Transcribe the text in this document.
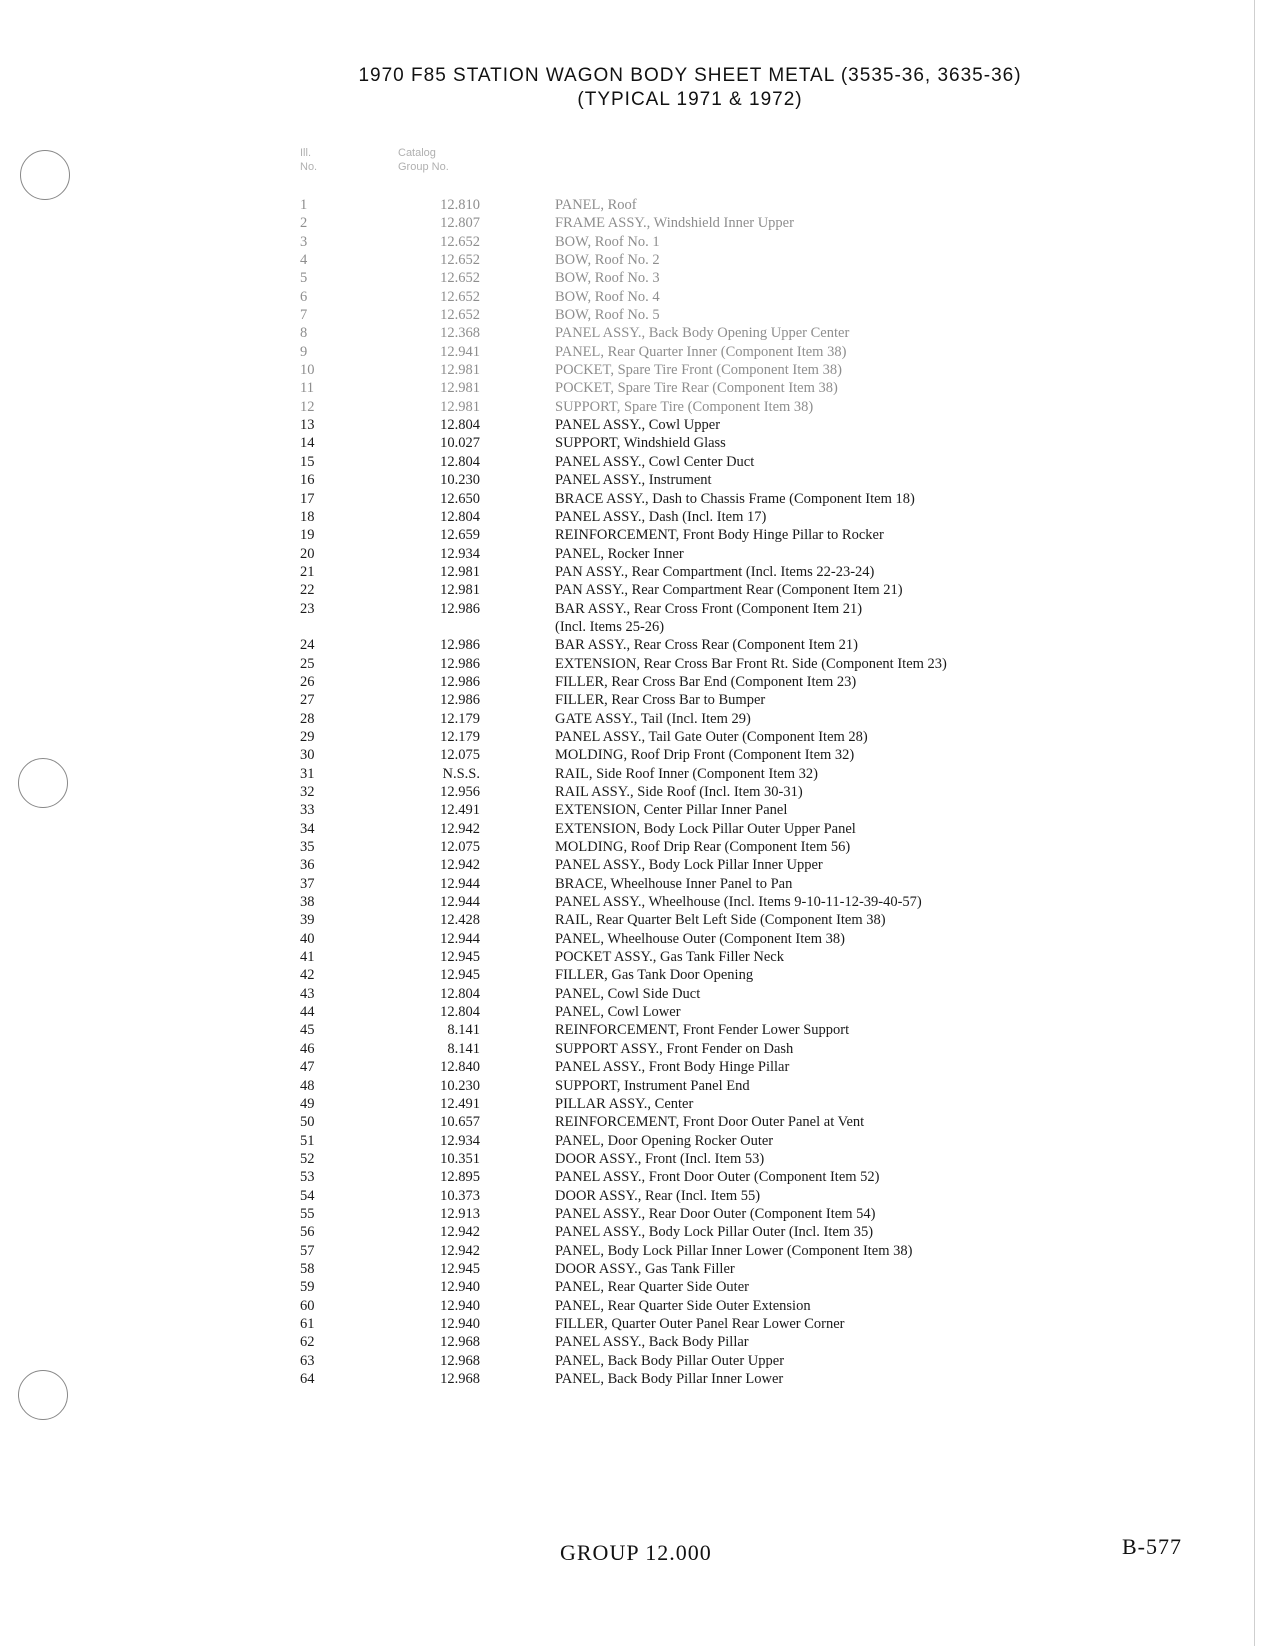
1970 F85 STATION WAGON BODY SHEET METAL (3535-36, 3635-36)
(TYPICAL 1971 & 1972)
Ill.
No.
Catalog
Group No.
1	12.810	PANEL, Roof
2	12.807	FRAME ASSY., Windshield Inner Upper
3	12.652	BOW, Roof No. 1
4	12.652	BOW, Roof No. 2
5	12.652	BOW, Roof No. 3
6	12.652	BOW, Roof No. 4
7	12.652	BOW, Roof No. 5
8	12.368	PANEL ASSY., Back Body Opening Upper Center
9	12.941	PANEL, Rear Quarter Inner (Component Item 38)
10	12.981	POCKET, Spare Tire Front (Component Item 38)
11	12.981	POCKET, Spare Tire Rear (Component Item 38)
12	12.981	SUPPORT, Spare Tire (Component Item 38)
13	12.804	PANEL ASSY., Cowl Upper
14	10.027	SUPPORT, Windshield Glass
15	12.804	PANEL ASSY., Cowl Center Duct
16	10.230	PANEL ASSY., Instrument
17	12.650	BRACE ASSY., Dash to Chassis Frame (Component Item 18)
18	12.804	PANEL ASSY., Dash (Incl. Item 17)
19	12.659	REINFORCEMENT, Front Body Hinge Pillar to Rocker
20	12.934	PANEL, Rocker Inner
21	12.981	PAN ASSY., Rear Compartment (Incl. Items 22-23-24)
22	12.981	PAN ASSY., Rear Compartment Rear (Component Item 21)
23	12.986	BAR ASSY., Rear Cross Front (Component Item 21)
(Incl. Items 25-26)
24	12.986	BAR ASSY., Rear Cross Rear (Component Item 21)
25	12.986	EXTENSION, Rear Cross Bar Front Rt. Side (Component Item 23)
26	12.986	FILLER, Rear Cross Bar End (Component Item 23)
27	12.986	FILLER, Rear Cross Bar to Bumper
28	12.179	GATE ASSY., Tail (Incl. Item 29)
29	12.179	PANEL ASSY., Tail Gate Outer (Component Item 28)
30	12.075	MOLDING, Roof Drip Front (Component Item 32)
31	N.S.S.	RAIL, Side Roof Inner (Component Item 32)
32	12.956	RAIL ASSY., Side Roof (Incl. Item 30-31)
33	12.491	EXTENSION, Center Pillar Inner Panel
34	12.942	EXTENSION, Body Lock Pillar Outer Upper Panel
35	12.075	MOLDING, Roof Drip Rear (Component Item 56)
36	12.942	PANEL ASSY., Body Lock Pillar Inner Upper
37	12.944	BRACE, Wheelhouse Inner Panel to Pan
38	12.944	PANEL ASSY., Wheelhouse (Incl. Items 9-10-11-12-39-40-57)
39	12.428	RAIL, Rear Quarter Belt Left Side (Component Item 38)
40	12.944	PANEL, Wheelhouse Outer (Component Item 38)
41	12.945	POCKET ASSY., Gas Tank Filler Neck
42	12.945	FILLER, Gas Tank Door Opening
43	12.804	PANEL, Cowl Side Duct
44	12.804	PANEL, Cowl Lower
45	8.141	REINFORCEMENT, Front Fender Lower Support
46	8.141	SUPPORT ASSY., Front Fender on Dash
47	12.840	PANEL ASSY., Front Body Hinge Pillar
48	10.230	SUPPORT, Instrument Panel End
49	12.491	PILLAR ASSY., Center
50	10.657	REINFORCEMENT, Front Door Outer Panel at Vent
51	12.934	PANEL, Door Opening Rocker Outer
52	10.351	DOOR ASSY., Front (Incl. Item 53)
53	12.895	PANEL ASSY., Front Door Outer (Component Item 52)
54	10.373	DOOR ASSY., Rear (Incl. Item 55)
55	12.913	PANEL ASSY., Rear Door Outer (Component Item 54)
56	12.942	PANEL ASSY., Body Lock Pillar Outer (Incl. Item 35)
57	12.942	PANEL, Body Lock Pillar Inner Lower (Component Item 38)
58	12.945	DOOR ASSY., Gas Tank Filler
59	12.940	PANEL, Rear Quarter Side Outer
60	12.940	PANEL, Rear Quarter Side Outer Extension
61	12.940	FILLER, Quarter Outer Panel Rear Lower Corner
62	12.968	PANEL ASSY., Back Body Pillar
63	12.968	PANEL, Back Body Pillar Outer Upper
64	12.968	PANEL, Back Body Pillar Inner Lower
GROUP 12.000	B-577
